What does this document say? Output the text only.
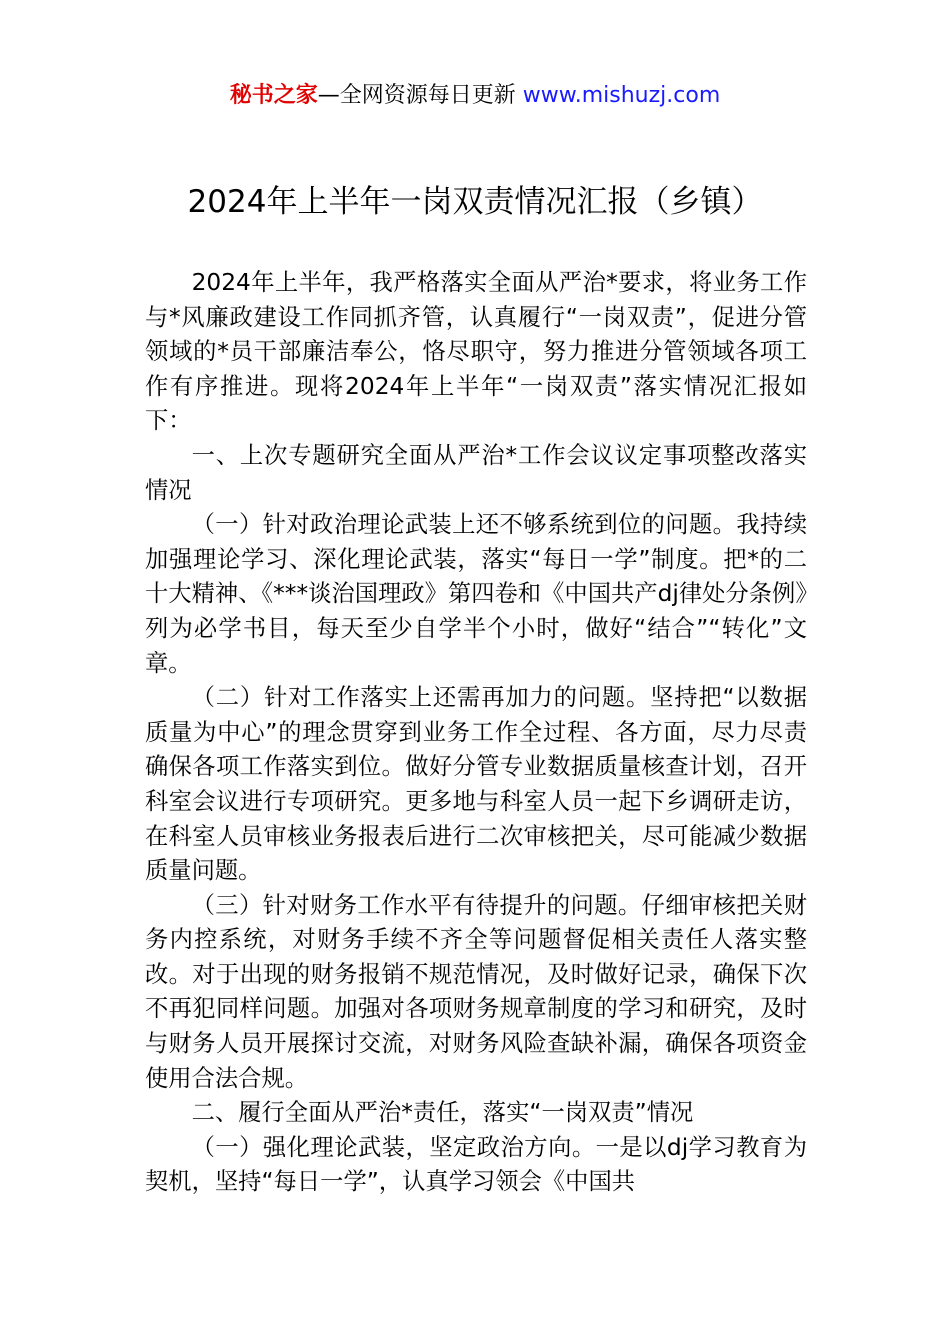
秘书之家—全网资源每日更新 www.mishuzj.com
2024年上半年一岗双责情况汇报（乡镇）

2024年上半年，我严格落实全面从严治*要求，将业务工作与*风廉政建设工作同抓齐管，认真履行“一岗双责”，促进分管领域的*员干部廉洁奉公，恪尽职守，努力推进分管领域各项工作有序推进。现将2024年上半年“一岗双责”落实情况汇报如下：

一、上次专题研究全面从严治*工作会议议定事项整改落实情况

（一）针对政治理论武装上还不够系统到位的问题。我持续加强理论学习、深化理论武装，落实“每日一学”制度。把*的二十大精神、《***谈治国理政》第四卷和《中国共产dj律处分条例》列为必学书目，每天至少自学半个小时，做好“结合”“转化”文章。

（二）针对工作落实上还需再加力的问题。坚持把“以数据质量为中心”的理念贯穿到业务工作全过程、各方面，尽力尽责确保各项工作落实到位。做好分管专业数据质量核查计划，召开科室会议进行专项研究。更多地与科室人员一起下乡调研走访，在科室人员审核业务报表后进行二次审核把关，尽可能减少数据质量问题。

（三）针对财务工作水平有待提升的问题。仔细审核把关财务内控系统，对财务手续不齐全等问题督促相关责任人落实整改。对于出现的财务报销不规范情况，及时做好记录，确保下次不再犯同样问题。加强对各项财务规章制度的学习和研究，及时与财务人员开展探讨交流，对财务风险查缺补漏，确保各项资金使用合法合规。

二、履行全面从严治*责任，落实“一岗双责”情况

（一）强化理论武装，坚定政治方向。一是以dj学习教育为契机，坚持“每日一学”，认真学习领会《中国共
